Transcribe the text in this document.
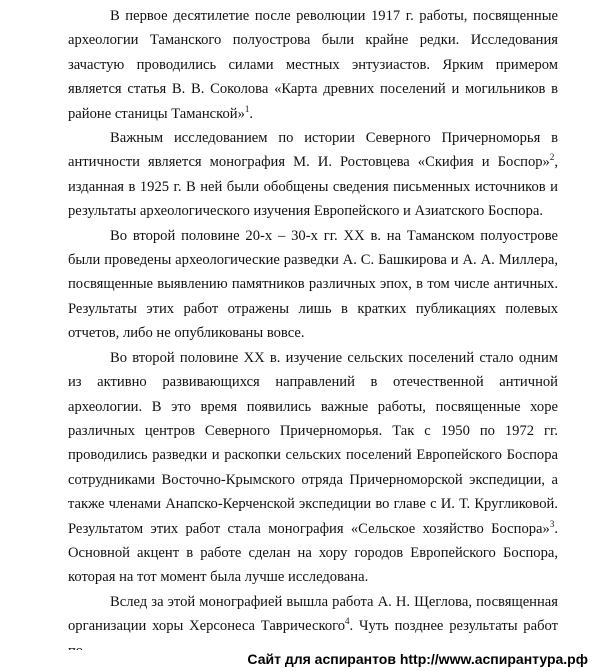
В первое десятилетие после революции 1917 г. работы, посвященные археологии Таманского полуострова были крайне редки. Исследования зачастую проводились силами местных энтузиастов. Ярким примером является статья В. В. Соколова «Карта древних поселений и могильников в районе станицы Таманской»$^1$.

Важным исследованием по истории Северного Причерноморья в античности является монография М. И. Ростовцева «Скифия и Боспор»$^2$, изданная в 1925 г. В ней были обобщены сведения письменных источников и результаты археологического изучения Европейского и Азиатского Боспора.

Во второй половине 20-х – 30-х гг. XX в. на Таманском полуострове были проведены археологические разведки А. С. Башкирова и А. А. Миллера, посвященные выявлению памятников различных эпох, в том числе античных. Результаты этих работ отражены лишь в кратких публикациях полевых отчетов, либо не опубликованы вовсе.

Во второй половине XX в. изучение сельских поселений стало одним из активно развивающихся направлений в отечественной античной археологии. В это время появились важные работы, посвященные хоре различных центров Северного Причерноморья. Так с 1950 по 1972 гг. проводились разведки и раскопки сельских поселений Европейского Боспора сотрудниками Восточно-Крымского отряда Причерноморской экспедиции, а также членами Анапско-Керченской экспедиции во главе с И. Т. Кругликовой. Результатом этих работ стала монография «Сельское хозяйство Боспора»$^3$. Основной акцент в работе сделан на хору городов Европейского Боспора, которая на тот момент была лучше исследована.

Вслед за этой монографией вышла работа А. Н. Щеглова, посвященная организации хоры Херсонеса Таврического$^4$. Чуть позднее результаты работ

Сайт для аспирантов http://www.аспирантура.рф
